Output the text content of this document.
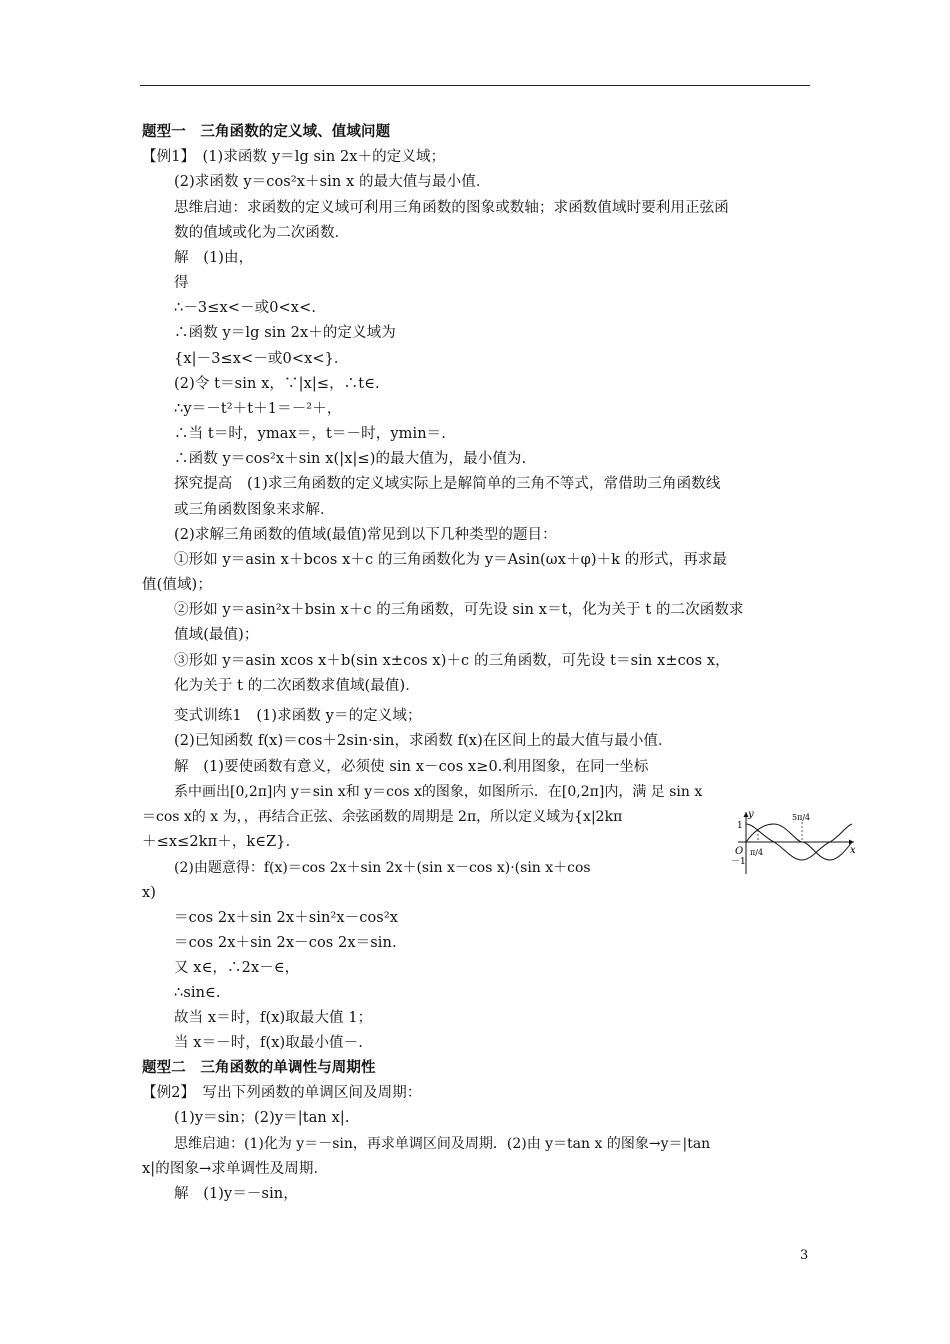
题型一　三角函数的定义域、值域问题
【例1】　(1)求函数 y＝lg sin 2x＋的定义域；
(2)求函数 y＝cos²x＋sin x 的最大值与最小值．
思维启迪：求函数的定义域可利用三角函数的图象或数轴；求函数值域时要利用正弦函
数的值域或化为二次函数．
解　(1)由，
得
∴－3≤x<－或0<x<.
∴函数 y＝lg sin 2x＋的定义域为
{x|－3≤x<－或0<x<}．
(2)令 t＝sin x，∵|x|≤，∴t∈.
∴y＝－t²＋t＋1＝－²＋，
∴当 t＝时，ymax＝，t＝－时，ymin＝.
∴函数 y＝cos²x＋sin x(|x|≤)的最大值为，最小值为.
探究提高　(1)求三角函数的定义域实际上是解简单的三角不等式，常借助三角函数线
或三角函数图象来求解．
(2)求解三角函数的值域(最值)常见到以下几种类型的题目：
①形如 y＝asin x＋bcos x＋c 的三角函数化为 y＝Asin(ωx＋φ)＋k 的形式，再求最
值(值域)；
②形如 y＝asin²x＋bsin x＋c 的三角函数，可先设 sin x＝t，化为关于 t 的二次函数求
值域(最值)；
③形如 y＝asin xcos x＋b(sin x±cos x)＋c 的三角函数，可先设 t＝sin x±cos x，
化为关于 t 的二次函数求值域(最值)．
变式训练1　(1)求函数 y＝的定义域；
(2)已知函数 f(x)＝cos＋2sin·sin，求函数 f(x)在区间上的最大值与最小值．
解　(1)要使函数有意义，必须使 sin x－cos x≥0.利用图象，在同一坐标
系中画出[0,2π]内 y＝sin x和 y＝cos x的图象，如图所示．在[0,2π]内，满 足 sin x
＝cos x的 x 为，，再结合正弦、余弦函数的周期是 2π，所以定义域为{x|2kπ
＋≤x≤2kπ＋，k∈Z}．
(2)由题意得：f(x)＝cos 2x＋sin 2x＋(sin x－cos x)·(sin x＋cos
x)
＝cos 2x＋sin 2x＋sin²x－cos²x
＝cos 2x＋sin 2x－cos 2x＝sin.
又 x∈，∴2x－∈，
∴sin∈.
故当 x＝时，f(x)取最大值 1；
当 x＝－时，f(x)取最小值－.
题型二　三角函数的单调性与周期性
【例2】　写出下列函数的单调区间及周期：
(1)y＝sin；(2)y＝|tan x|.
思维启迪：(1)化为 y＝－sin，再求单调区间及周期．(2)由 y＝tan x 的图象→y＝|tan
x|的图象→求单调性及周期．
解　(1)y＝－sin，
y
x
O
1
－1
π/4
5π/4
3
